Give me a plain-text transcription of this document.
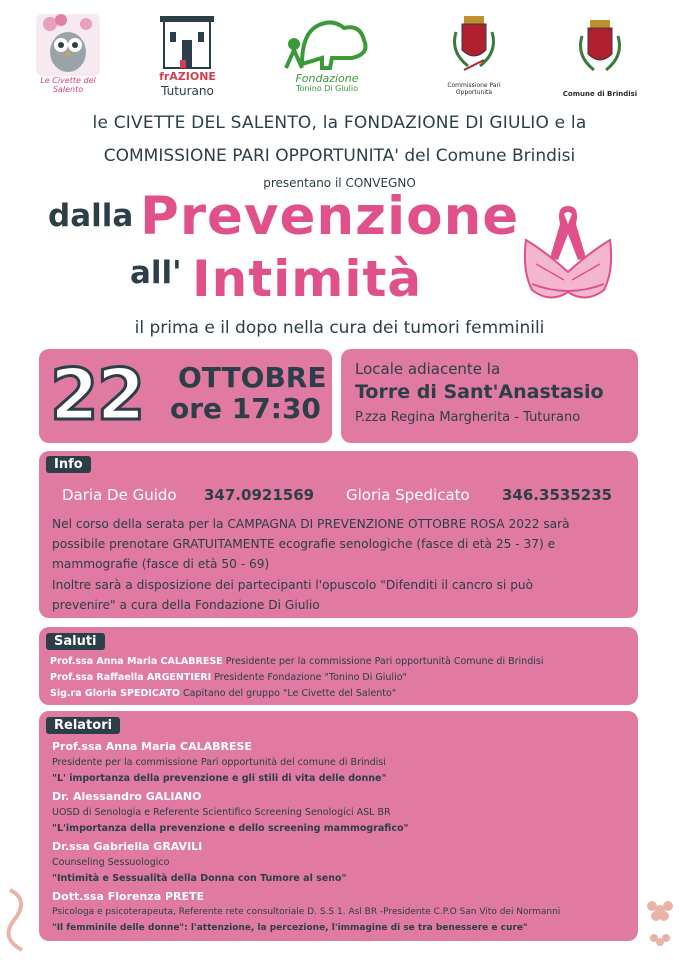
Le Civette del Salento
frAZIONE
Tuturano
Fondazione
Tonino Di Giulio	Commissione Pari Opportunità	Comune di Brindisi
le CIVETTE DEL SALENTO, la FONDAZIONE DI GIULIO e la
COMMISSIONE PARI OPPORTUNITA' del Comune Brindisi
presentano il CONVEGNO
dalla Prevenzione
all' Intimità
il prima e il dopo nella cura dei tumori femminili
22 OTTOBRE
ore 17:30
Locale adiacente la
Torre di Sant'Anastasio
P.zza Regina Margherita - Tuturano
Info
Daria De Guido 347.0921569 Gloria Spedicato 346.3535235
Nel corso della serata per la CAMPAGNA DI PREVENZIONE OTTOBRE ROSA 2022 sarà
possibile prenotare GRATUITAMENTE ecografie senologiche (fasce di età 25 - 37) e
mammografie (fasce di età 50 - 69)
Inoltre sarà a disposizione dei partecipanti l'opuscolo "Difenditi il cancro si può
prevenire" a cura della Fondazione Di Giulio
Saluti
Prof.ssa Anna Maria CALABRESE Presidente per la commissione Pari opportunità Comune di Brindisi
Prof.ssa Raffaella ARGENTIERI Presidente Fondazione "Tonino Di Giulio"
Sig.ra Gloria SPEDICATO Capitano del gruppo "Le Civette del Salento"
Relatori
Prof.ssa Anna Maria CALABRESE
Presidente per la commissione Pari opportunità del comune di Brindisi
"L' importanza della prevenzione e gli stili di vita delle donne"
Dr. Alessandro GALIANO
UOSD di Senologia e Referente Scientifico Screening Senologici ASL BR
"L'importanza della prevenzione e dello screening mammografico"
Dr.ssa Gabriella GRAVILI
Counseling Sessuologico
"Intimità e Sessualità della Donna con Tumore al seno"
Dott.ssa Florenza PRETE
Psicologa e psicoterapeuta, Referente rete consultoriale D. S.S 1. Asl BR -Presidente C.P.O San Vito dei Normanni
"Il femminile delle donne": l'attenzione, la percezione, l'immagine di se tra benessere e cure"
